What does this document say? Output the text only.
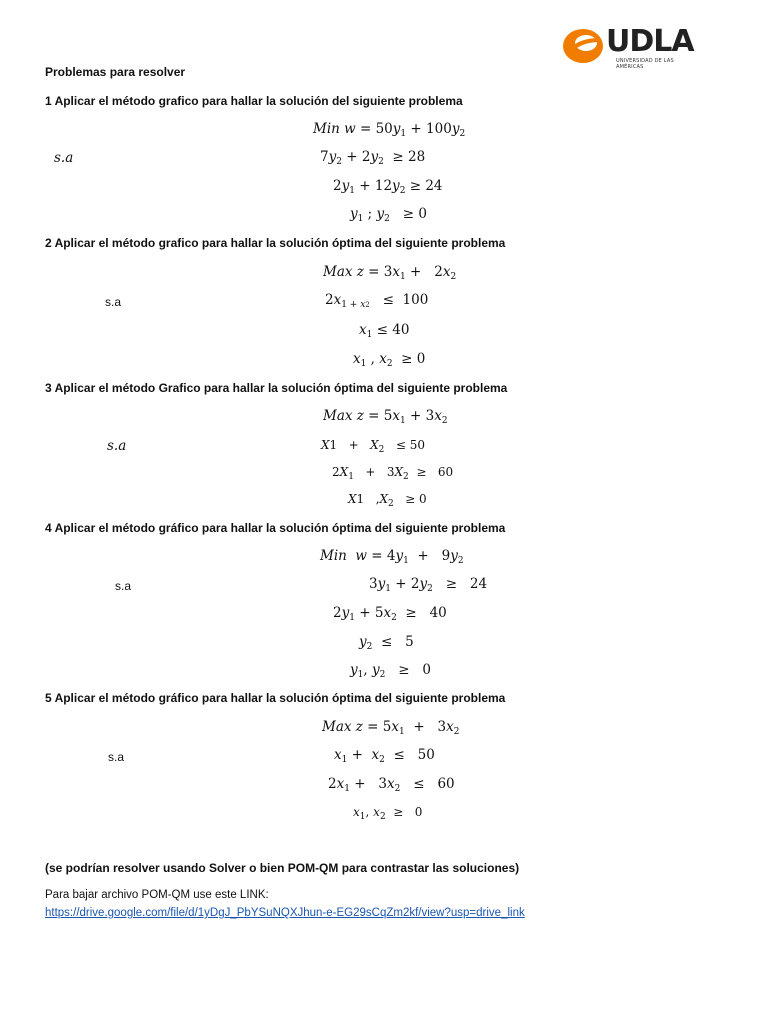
UDLA
UNIVERSIDAD DE LAS AMÉRICAS
Problemas para resolver
1 Aplicar el método grafico para hallar la solución del siguiente problema
Min $w = 50y_1 + 100y_2$
s.a	$7y_2 + 2y_2 \ge 28$
$2y_1 + 12y_2 \ge 24$
$y_1$ ; $y_2 \ge 0$
2 Aplicar el método grafico para hallar la solución óptima del siguiente problema
Max $z = 3x_1 + 2x_2$
s.a	$2x_{1 + x2} \le 100$
$x_1 \le 40$
$x_1$ , $x_2 \ge 0$
3 Aplicar el método Grafico para hallar la solución óptima del siguiente problema
Max $z = 5x_1 + 3x_2$
s.a	$X1 + X_2 \le 50$
$2X_1 + 3X_2 \ge 60$
X1   $,X_2 \ge 0$
4 Aplicar el método gráfico para hallar la solución óptima del siguiente problema
Min  $w = 4y_1 + 9y_2$
s.a	$3y_1 + 2y_2 \ge 24$
$2y_1 + 5x_2 \ge 40$
$y_2 \le 5$
$y_1$, $y_2 \ge 0$
5 Aplicar el método gráfico para hallar la solución óptima del siguiente problema
Max $z = 5x_1 + 3x_2$
s.a	$x_1 + x_2 \le 50$
$2x_1 + 3x_2 \le 60$
$x_1$, $x_2 \ge 0$
(se podrían resolver usando Solver o bien POM-QM para contrastar las soluciones)
Para bajar archivo POM-QM use este LINK:
https://drive.google.com/file/d/1yDgJ_PbYSuNQXJhun-e-EG29sCqZm2kf/view?usp=drive_link
